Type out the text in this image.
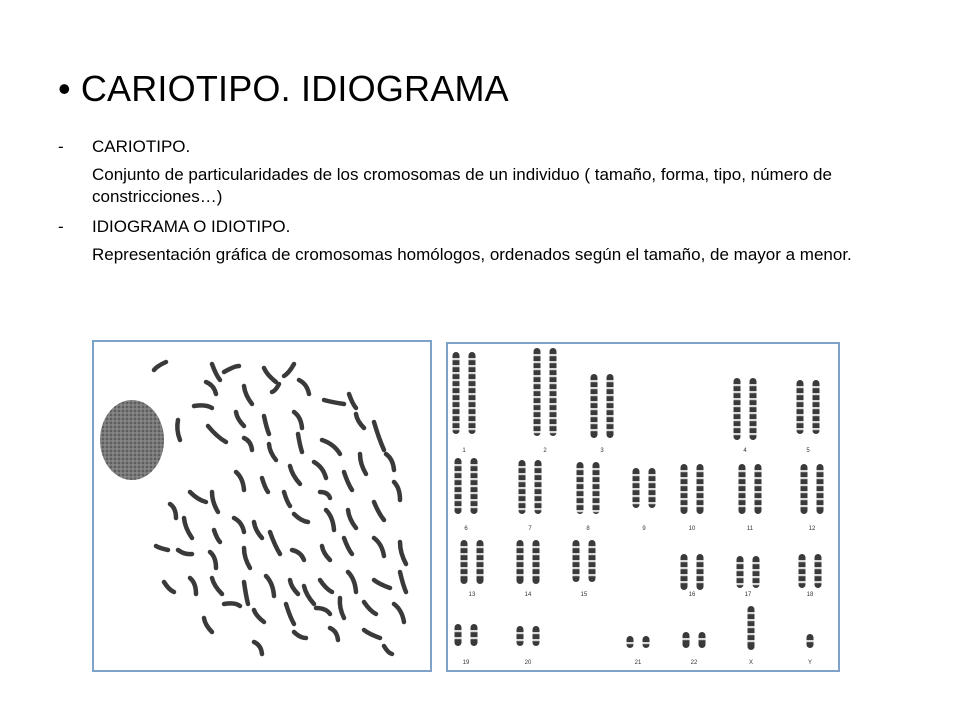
• CARIOTIPO. IDIOGRAMA
-	CARIOTIPO.
Conjunto de particularidades de los cromosomas de un individuo ( tamaño, forma, tipo, número de constricciones…)
-	IDIOGRAMA O IDIOTIPO.
Representación gráfica de cromosomas homólogos, ordenados según el tamaño, de mayor a menor.
1	2	3	4	5
6	7	8	9	10	11	12
13	14	15	16	17	18
19	20	21	22	X	Y
